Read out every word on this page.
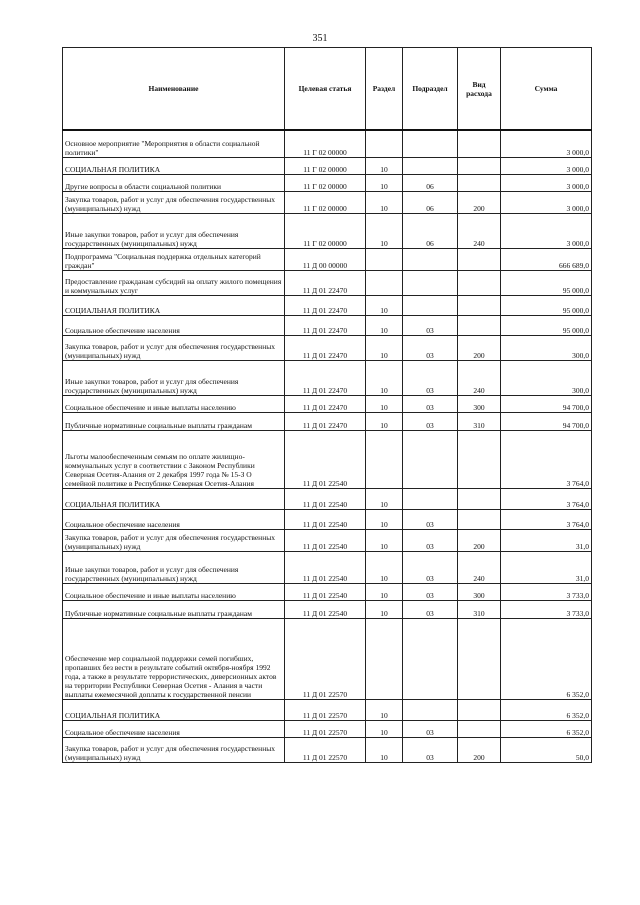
351
Наименование	Целевая статья	Раздел	Подраздел	Вид расхода	Сумма
Основное мероприятие "Мероприятия в области социальной политики"	11 Г 02 00000				3 000,0
СОЦИАЛЬНАЯ ПОЛИТИКА	11 Г 02 00000	10			3 000,0
Другие вопросы в области социальной политики	11 Г 02 00000	10	06		3 000,0
Закупка товаров, работ и услуг для обеспечения государственных (муниципальных) нужд	11 Г 02 00000	10	06	200	3 000,0
Иные закупки товаров, работ и услуг для обеспечения государственных (муниципальных) нужд	11 Г 02 00000	10	06	240	3 000,0
Подпрограмма "Социальная поддержка отдельных категорий граждан"	11 Д 00 00000				666 689,0
Предоставление гражданам субсидий на оплату жилого помещения и коммунальных услуг	11 Д 01 22470				95 000,0
СОЦИАЛЬНАЯ ПОЛИТИКА	11 Д 01 22470	10			95 000,0
Социальное обеспечение населения	11 Д 01 22470	10	03		95 000,0
Закупка товаров, работ и услуг для обеспечения государственных (муниципальных) нужд	11 Д 01 22470	10	03	200	300,0
Иные закупки товаров, работ и услуг для обеспечения государственных (муниципальных) нужд	11 Д 01 22470	10	03	240	300,0
Социальное обеспечение и иные выплаты населению	11 Д 01 22470	10	03	300	94 700,0
Публичные нормативные социальные выплаты гражданам	11 Д 01 22470	10	03	310	94 700,0
Льготы малообеспеченным семьям по оплате жилищно-коммунальных услуг в соответствии с Законом Республики Северная Осетия-Алания от 2 декабря 1997 года № 15-З О семейной политике в Республике Северная Осетия-Алания	11 Д 01 22540				3 764,0
СОЦИАЛЬНАЯ ПОЛИТИКА	11 Д 01 22540	10			3 764,0
Социальное обеспечение населения	11 Д 01 22540	10	03		3 764,0
Закупка товаров, работ и услуг для обеспечения государственных (муниципальных) нужд	11 Д 01 22540	10	03	200	31,0
Иные закупки товаров, работ и услуг для обеспечения государственных (муниципальных) нужд	11 Д 01 22540	10	03	240	31,0
Социальное обеспечение и иные выплаты населению	11 Д 01 22540	10	03	300	3 733,0
Публичные нормативные социальные выплаты гражданам	11 Д 01 22540	10	03	310	3 733,0
Обеспечение мер социальной поддержки семей погибших, пропавших без вести в результате событий октября-ноября 1992 года, а также в результате террористических, диверсионных актов на территории Республики Северная Осетия - Алания в части выплаты ежемесячной доплаты к государственной пенсии	11 Д 01 22570				6 352,0
СОЦИАЛЬНАЯ ПОЛИТИКА	11 Д 01 22570	10			6 352,0
Социальное обеспечение населения	11 Д 01 22570	10	03		6 352,0
Закупка товаров, работ и услуг для обеспечения государственных (муниципальных) нужд	11 Д 01 22570	10	03	200	50,0
